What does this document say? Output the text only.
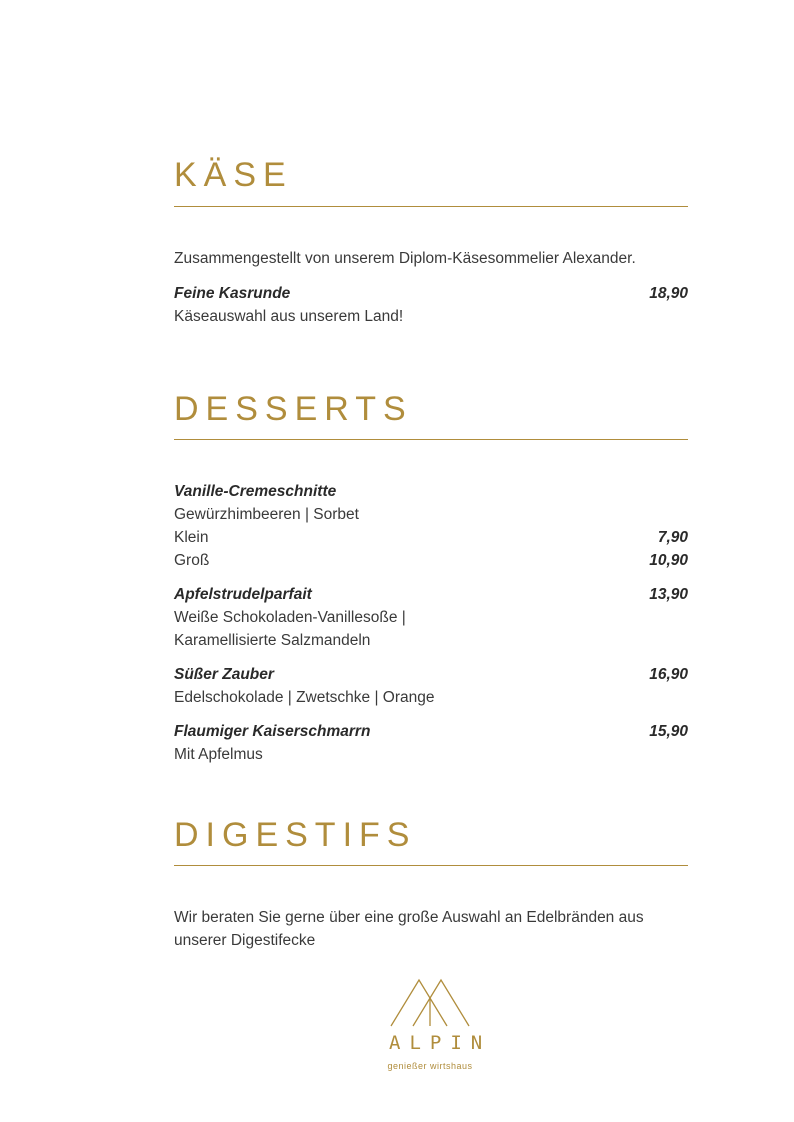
KÄSE
Zusammengestellt von unserem Diplom-Käsesommelier Alexander.
Feine Kasrunde	18,90
Käseauswahl aus unserem Land!
DESSERTS
Vanille-Cremeschnitte
Gewürzhimbeeren | Sorbet
Klein	7,90
Groß	10,90
Apfelstrudelparfait	13,90
Weiße Schokoladen-Vanillesoße |
Karamellisierte Salzmandeln
Süßer Zauber	16,90
Edelschokolade | Zwetschke | Orange
Flaumiger Kaiserschmarrn	15,90
Mit Apfelmus
DIGESTIFS
Wir beraten Sie gerne über eine große Auswahl an Edelbränden aus
unserer Digestifecke
ALPIN
genießer wirtshaus
